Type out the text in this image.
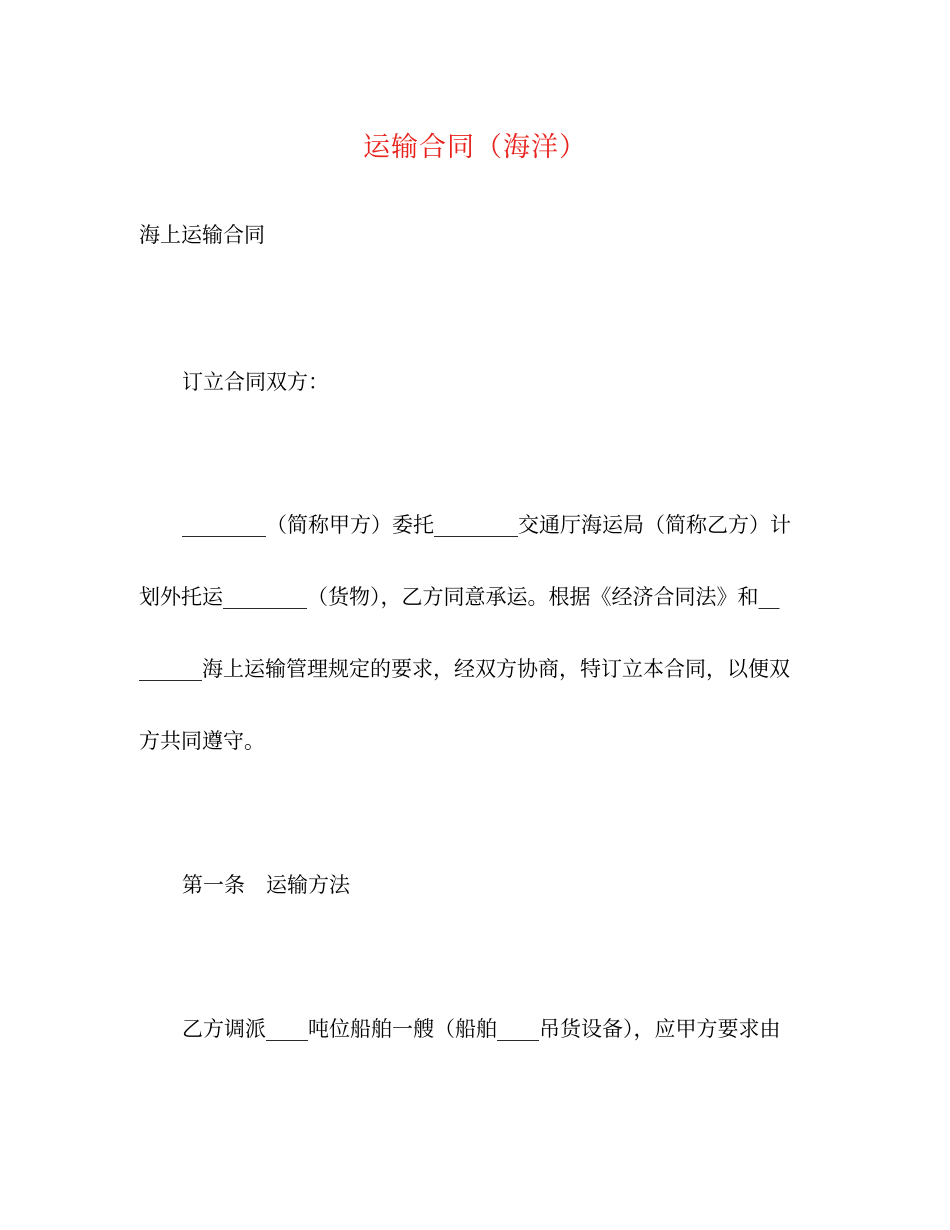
运输合同（海洋）
海上运输合同
订立合同双方：
________（简称甲方）委托________交通厅海运局（简称乙方）计
划外托运________（货物），乙方同意承运。根据《经济合同法》和__
______海上运输管理规定的要求，经双方协商，特订立本合同，以便双
方共同遵守。
第一条　运输方法
乙方调派____吨位船舶一艘（船舶____吊货设备），应甲方要求由
